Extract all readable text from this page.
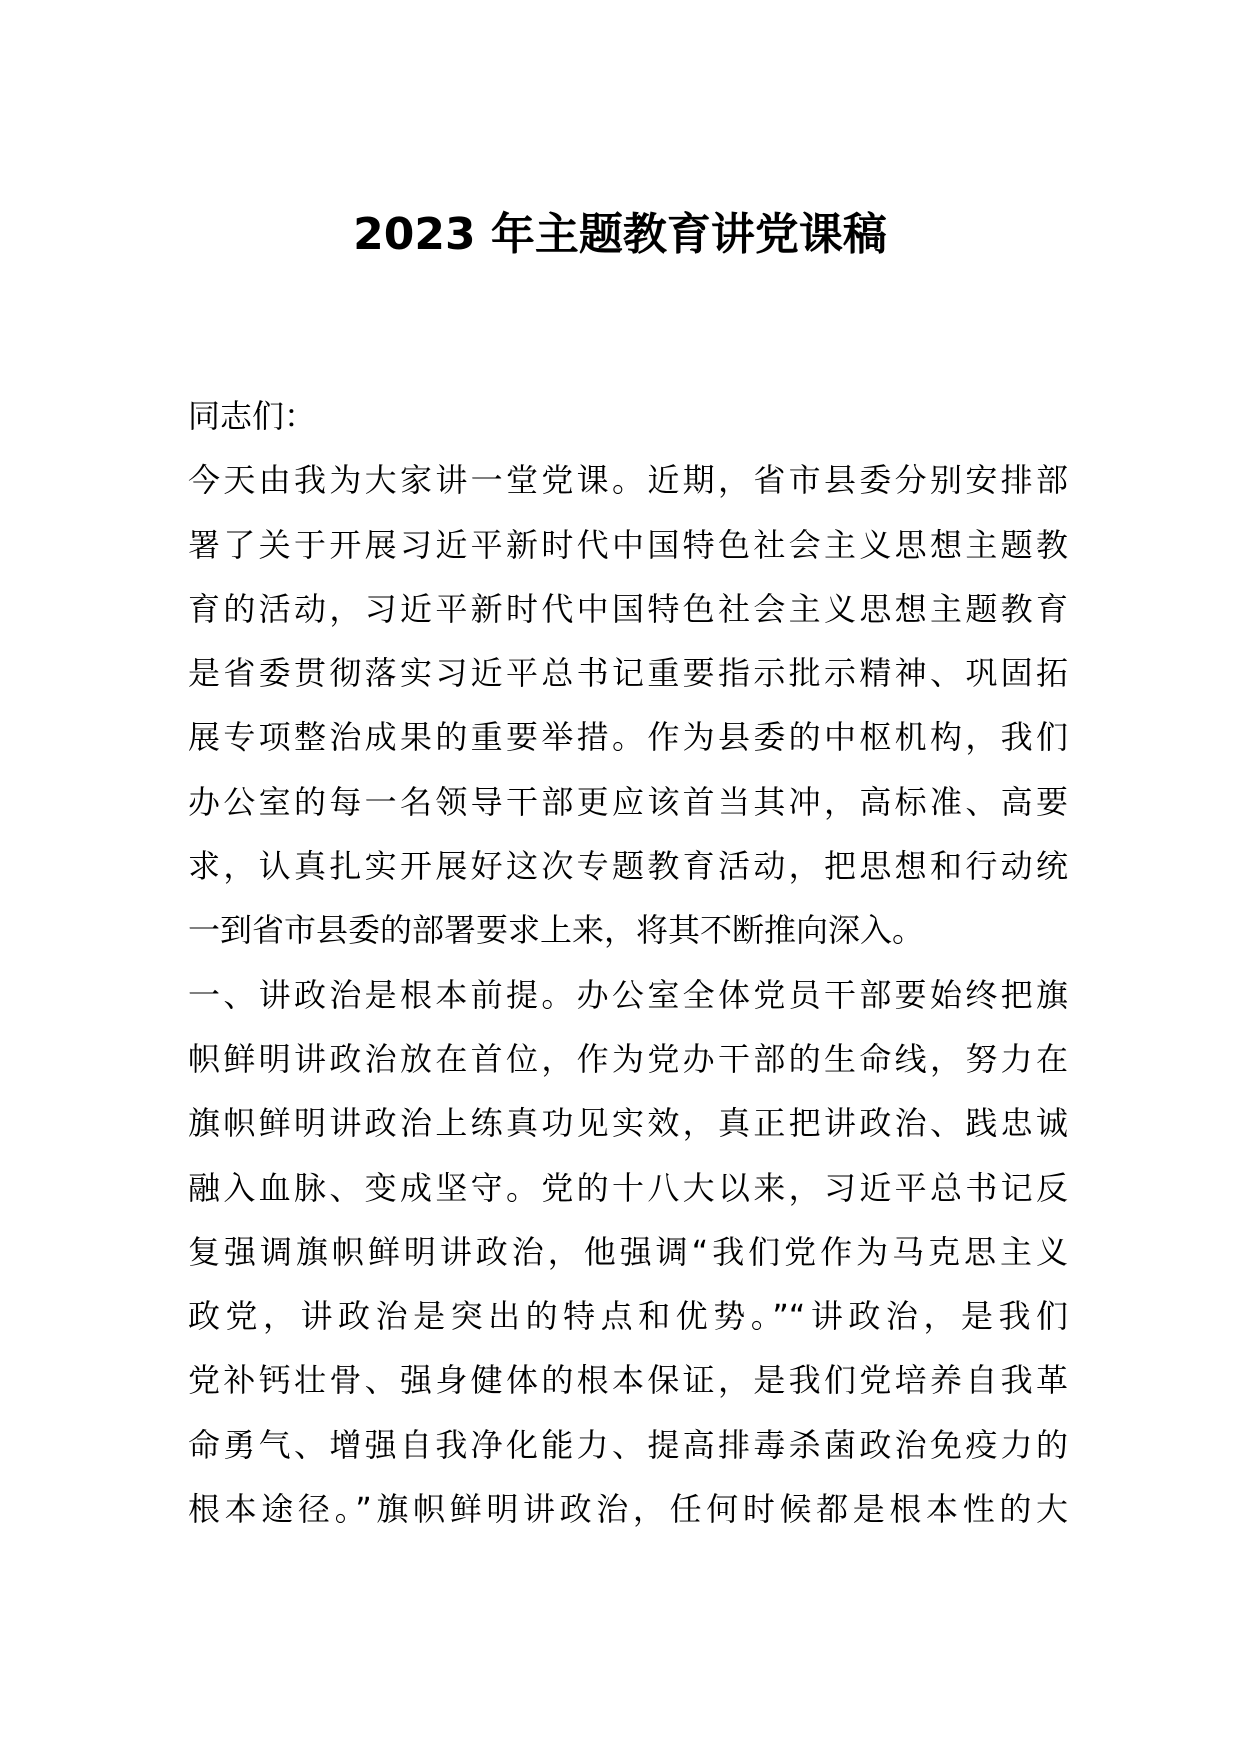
2023 年主题教育讲党课稿
同志们：
今天由我为大家讲一堂党课。近期，省市县委分别安排部
署了关于开展习近平新时代中国特色社会主义思想主题教
育的活动，习近平新时代中国特色社会主义思想主题教育
是省委贯彻落实习近平总书记重要指示批示精神、巩固拓
展专项整治成果的重要举措。作为县委的中枢机构，我们
办公室的每一名领导干部更应该首当其冲，高标准、高要
求，认真扎实开展好这次专题教育活动，把思想和行动统
一到省市县委的部署要求上来，将其不断推向深入。
一、讲政治是根本前提。办公室全体党员干部要始终把旗
帜鲜明讲政治放在首位，作为党办干部的生命线，努力在
旗帜鲜明讲政治上练真功见实效，真正把讲政治、践忠诚
融入血脉、变成坚守。党的十八大以来，习近平总书记反
复强调旗帜鲜明讲政治，他强调“我们党作为马克思主义
政党，讲政治是突出的特点和优势。”“讲政治，是我们
党补钙壮骨、强身健体的根本保证，是我们党培养自我革
命勇气、增强自我净化能力、提高排毒杀菌政治免疫力的
根本途径。”旗帜鲜明讲政治，任何时候都是根本性的大
